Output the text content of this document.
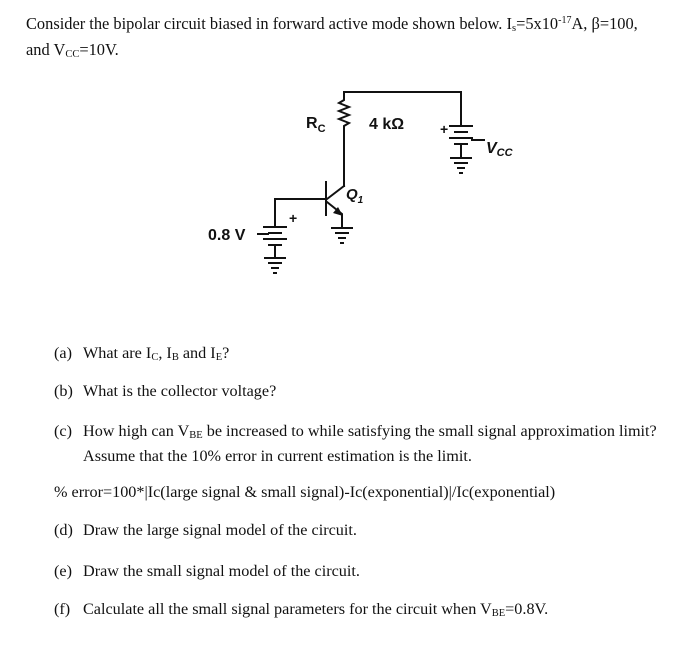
Consider the bipolar circuit biased in forward active mode shown below. $Is=5x10^{-17}A$, β=100,
and VCC=10V.

$R_C$	4 kΩ	+
VCC
$Q_1$
+
0.8 V

(a) What are IC, IB and IE?

(b) What is the collector voltage?

(c) How high can VBE be increased to while satisfying the small signal approximation limit?
Assume that the 10% error in current estimation is the limit.

% error=100*|Ic(large signal & small signal)-Ic(exponential)|/Ic(exponential)

(d) Draw the large signal model of the circuit.

(e) Draw the small signal model of the circuit.

(f) Calculate all the small signal parameters for the circuit when VBE=0.8V.
